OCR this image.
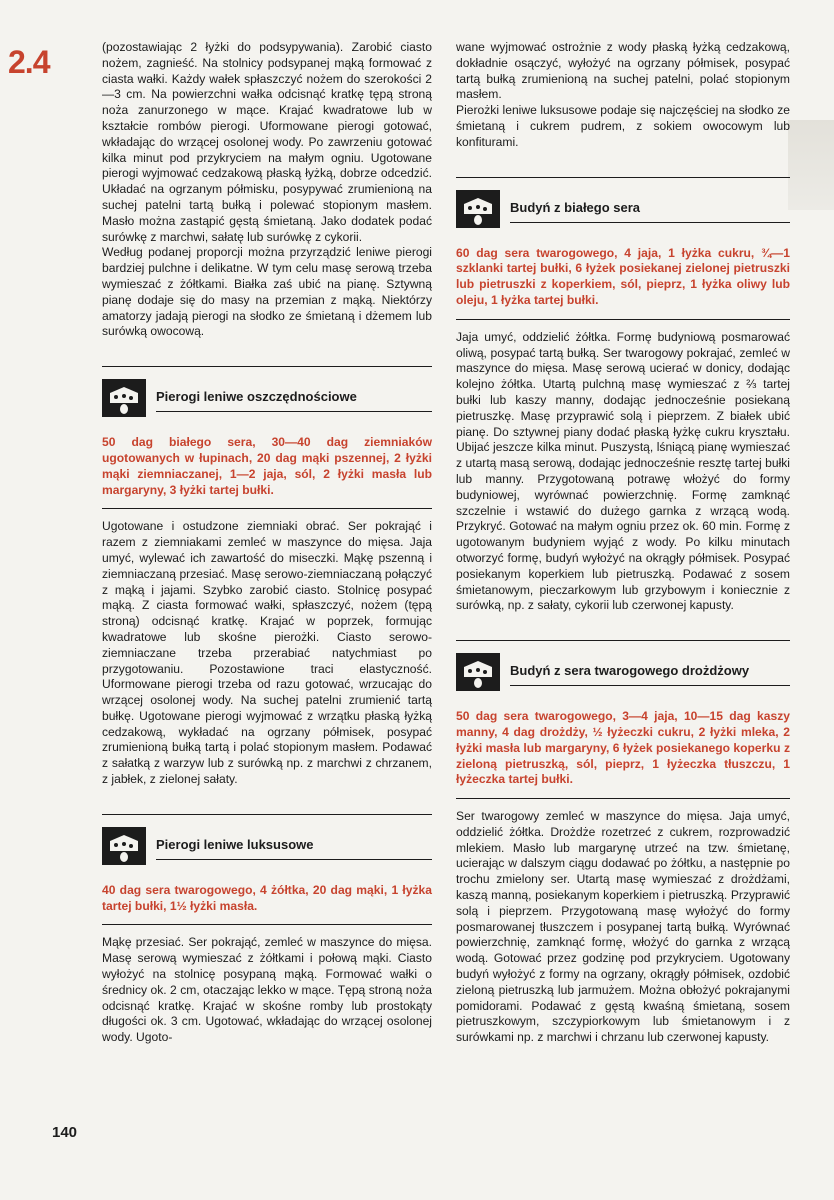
2.4	(pozostawiając 2 łyżki do podsypywania). Zarobić ciasto nożem, zagnieść. Na stolnicy podsypanej mąką formować z ciasta wałki. Każdy wałek spłaszczyć nożem do szerokości 2—3 cm. Na powierzchni wałka odcisnąć kratkę tępą stroną noża zanurzonego w mące. Krajać kwadratowe lub w kształcie rombów pierogi. Uformowane pierogi gotować, wkładając do wrzącej osolonej wody. Po zawrzeniu gotować kilka minut pod przykryciem na małym ogniu. Ugotowane pierogi wyjmować cedzakową płaską łyżką, dobrze odcedzić. Układać na ogrzanym półmisku, posypywać zrumienioną na suchej patelni tartą bułką i polewać stopionym masłem. Masło można zastąpić gęstą śmietaną. Jako dodatek podać surówkę z marchwi, sałatę lub surówkę z cykorii.

Według podanej proporcji można przyrządzić leniwe pierogi bardziej pulchne i delikatne. W tym celu masę serową trzeba wymieszać z żółtkami. Białka zaś ubić na pianę. Sztywną pianę dodaje się do masy na przemian z mąką. Niektórzy amatorzy jadają pierogi na słodko ze śmietaną i dżemem lub surówką owocową.

Pierogi leniwe oszczędnościowe
50 dag białego sera, 30—40 dag ziemniaków ugotowanych w łupinach, 20 dag mąki pszennej, 2 łyżki mąki ziemniaczanej, 1—2 jaja, sól, 2 łyżki masła lub margaryny, 3 łyżki tartej bułki.

Ugotowane i ostudzone ziemniaki obrać. Ser pokrająć i razem z ziemniakami zemleć w maszynce do mięsa. Jaja umyć, wylewać ich zawartość do miseczki. Mąkę pszenną i ziemniaczaną przesiać. Masę serowo-ziemniaczaną połączyć z mąką i jajami. Szybko zarobić ciasto. Stolnicę posypać mąką. Z ciasta formować wałki, spłaszczyć, nożem (tępą stroną) odcisnąć kratkę. Krajać w poprzek, formując kwadratowe lub skośne pierożki. Ciasto serowo-ziemniaczane trzeba przerabiać natychmiast po przygotowaniu. Pozostawione traci elastyczność. Uformowane pierogi trzeba od razu gotować, wrzucając do wrzącej osolonej wody. Na suchej patelni zrumienić tartą bułkę. Ugotowane pierogi wyjmować z wrzątku płaską łyżką cedzakową, wykładać na ogrzany półmisek, posypać zrumienioną bułką tartą i polać stopionym masłem. Podawać z sałatką z warzyw lub z surówką np. z marchwi z chrzanem, z jabłek, z zielonej sałaty.

Pierogi leniwe luksusowe
40 dag sera twarogowego, 4 żółtka, 20 dag mąki, 1 łyżka tartej bułki, 1½ łyżki masła.

Mąkę przesiać. Ser pokrająć, zemleć w maszynce do mięsa. Masę serową wymieszać z żółtkami i połową mąki. Ciasto wyłożyć na stolnicę posypaną mąką. Formować wałki o średnicy ok. 2 cm, otaczając lekko w mące. Tępą stroną noża odcisnąć kratkę. Krajać w skośne romby lub prostokąty długości ok. 3 cm. Ugotować, wkładając do wrzącej osolonej wody. Ugoto-

wane wyjmować ostrożnie z wody płaską łyżką cedzakową, dokładnie osączyć, wyłożyć na ogrzany półmisek, posypać tartą bułką zrumienioną na suchej patelni, polać stopionym masłem.

Pierożki leniwe luksusowe podaje się najczęściej na słodko ze śmietaną i cukrem pudrem, z sokiem owocowym lub konfiturami.

Budyń z białego sera
60 dag sera twarogowego, 4 jaja, 1 łyżka cukru, ¾—1 szklanki tartej bułki, 6 łyżek posiekanej zielonej pietruszki lub pietruszki z koperkiem, sól, pieprz, 1 łyżka oliwy lub oleju, 1 łyżka tartej bułki.

Jaja umyć, oddzielić żółtka. Formę budyniową posmarować oliwą, posypać tartą bułką. Ser twarogowy pokrajać, zemleć w maszynce do mięsa. Masę serową ucierać w donicy, dodając kolejno żółtka. Utartą pulchną masę wymieszać z ⅔ tartej bułki lub kaszy manny, dodając jednocześnie posiekaną pietruszkę. Masę przyprawić solą i pieprzem. Z białek ubić pianę. Do sztywnej piany dodać płaską łyżkę cukru kryształu. Ubijać jeszcze kilka minut. Puszystą, lśniącą pianę wymieszać z utartą masą serową, dodając jednocześnie resztę tartej bułki lub manny. Przygotowaną potrawę włożyć do formy budyniowej, wyrównać powierzchnię. Formę zamknąć szczelnie i wstawić do dużego garnka z wrzącą wodą. Przykryć. Gotować na małym ogniu przez ok. 60 min. Formę z ugotowanym budyniem wyjąć z wody. Po kilku minutach otworzyć formę, budyń wyłożyć na okrągły półmisek. Posypać posiekanym koperkiem lub pietruszką. Podawać z sosem śmietanowym, pieczarkowym lub grzybowym i koniecznie z surówką, np. z sałaty, cykorii lub czerwonej kapusty.

Budyń z sera twarogowego drożdżowy
50 dag sera twarogowego, 3—4 jaja, 10—15 dag kaszy manny, 4 dag drożdży, ½ łyżeczki cukru, 2 łyżki mleka, 2 łyżki masła lub margaryny, 6 łyżek posiekanego koperku z zieloną pietruszką, sól, pieprz, 1 łyżeczka tłuszczu, 1 łyżeczka tartej bułki.

Ser twarogowy zemleć w maszynce do mięsa. Jaja umyć, oddzielić żółtka. Drożdże rozetrzeć z cukrem, rozprowadzić mlekiem. Masło lub margarynę utrzeć na tzw. śmietanę, ucierając w dalszym ciągu dodawać po żółtku, a następnie po trochu zmielony ser. Utartą masę wymieszać z drożdżami, kaszą manną, posiekanym koperkiem i pietruszką. Przyprawić solą i pieprzem. Przygotowaną masę wyłożyć do formy posmarowanej tłuszczem i posypanej tartą bułką. Wyrównać powierzchnię, zamknąć formę, włożyć do garnka z wrzącą wodą. Gotować przez godzinę pod przykryciem. Ugotowany budyń wyłożyć z formy na ogrzany, okrągły półmisek, ozdobić zieloną pietruszką lub jarmużem. Można obłożyć pokrajanymi pomidorami. Podawać z gęstą kwaśną śmietaną, sosem pietruszkowym, szczypiorkowym lub śmietanowym i z surówkami np. z marchwi i chrzanu lub czerwonej kapusty.

140
